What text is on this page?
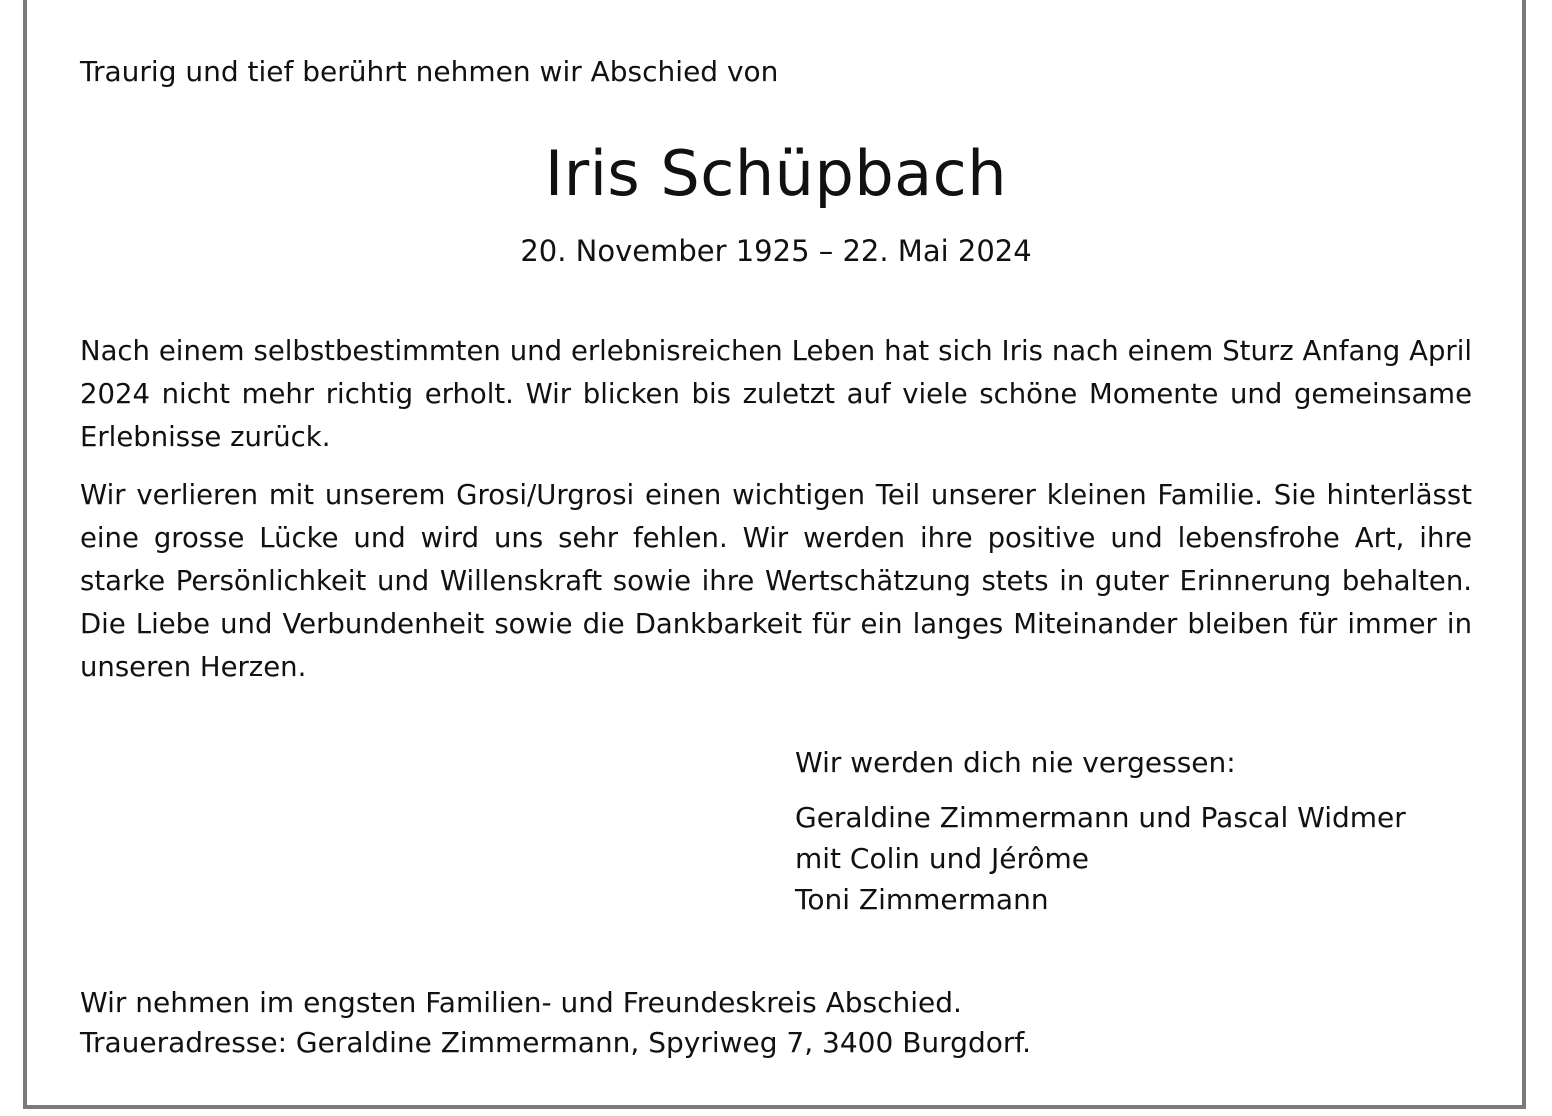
Traurig und tief berührt nehmen wir Abschied von
Iris Schüpbach
20. November 1925 – 22. Mai 2024

Nach einem selbstbestimmten und erlebnisreichen Leben hat sich Iris nach einem Sturz Anfang April 2024 nicht mehr richtig erholt. Wir blicken bis zuletzt auf viele schöne Momente und gemeinsame Erlebnisse zurück.

Wir verlieren mit unserem Grosi/Urgrosi einen wichtigen Teil unserer kleinen Familie. Sie hinterlässt eine grosse Lücke und wird uns sehr fehlen. Wir werden ihre positive und lebensfrohe Art, ihre starke Persönlichkeit und Willenskraft sowie ihre Wertschätzung stets in guter Erinnerung behalten. Die Liebe und Verbundenheit sowie die Dankbarkeit für ein langes Miteinander bleiben für immer in unseren Herzen.

Wir werden dich nie vergessen:
Geraldine Zimmermann und Pascal Widmer
mit Colin und Jérôme
Toni Zimmermann
Wir nehmen im engsten Familien- und Freundeskreis Abschied.
Traueradresse: Geraldine Zimmermann, Spyriweg 7, 3400 Burgdorf.
